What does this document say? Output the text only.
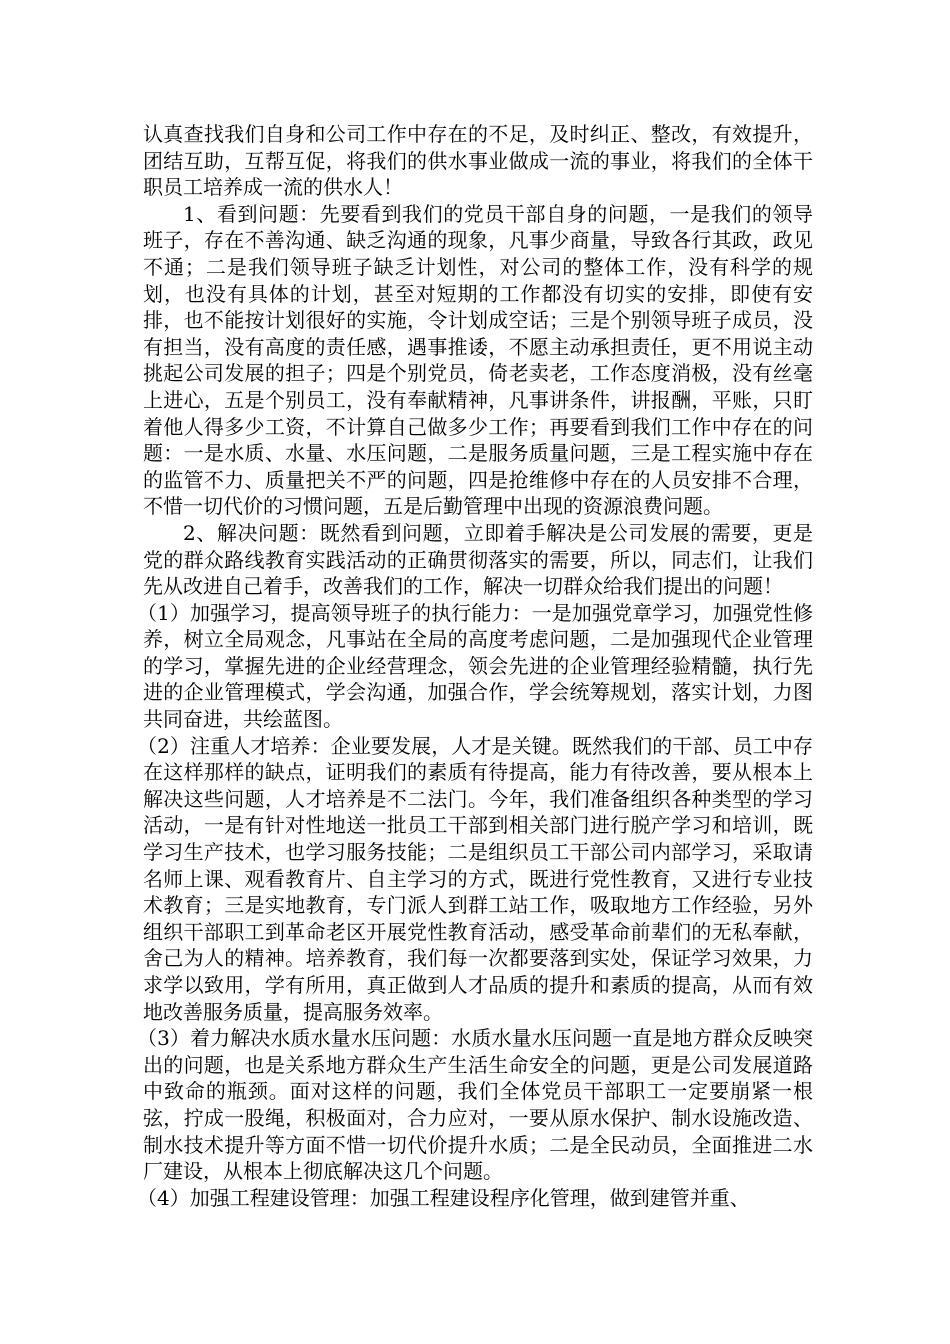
认真查找我们自身和公司工作中存在的不足，及时纠正、整改，有效提升，团结互助，互帮互促，将我们的供水事业做成一流的事业，将我们的全体干职员工培养成一流的供水人！

1、看到问题：先要看到我们的党员干部自身的问题，一是我们的领导班子，存在不善沟通、缺乏沟通的现象，凡事少商量，导致各行其政，政见不通；二是我们领导班子缺乏计划性，对公司的整体工作，没有科学的规划，也没有具体的计划，甚至对短期的工作都没有切实的安排，即使有安排，也不能按计划很好的实施，令计划成空话；三是个别领导班子成员，没有担当，没有高度的责任感，遇事推诿，不愿主动承担责任，更不用说主动挑起公司发展的担子；四是个别党员，倚老卖老，工作态度消极，没有丝毫上进心，五是个别员工，没有奉献精神，凡事讲条件，讲报酬，平账，只盯着他人得多少工资，不计算自己做多少工作；再要看到我们工作中存在的问题：一是水质、水量、水压问题，二是服务质量问题，三是工程实施中存在的监管不力、质量把关不严的问题，四是抢维修中存在的人员安排不合理，不惜一切代价的习惯问题，五是后勤管理中出现的资源浪费问题。

2、解决问题：既然看到问题，立即着手解决是公司发展的需要，更是党的群众路线教育实践活动的正确贯彻落实的需要，所以，同志们，让我们先从改进自己着手，改善我们的工作，解决一切群众给我们提出的问题！

（1）加强学习，提高领导班子的执行能力：一是加强党章学习，加强党性修养，树立全局观念，凡事站在全局的高度考虑问题，二是加强现代企业管理的学习，掌握先进的企业经营理念，领会先进的企业管理经验精髓，执行先进的企业管理模式，学会沟通，加强合作，学会统筹规划，落实计划，力图共同奋进，共绘蓝图。

（2）注重人才培养：企业要发展，人才是关键。既然我们的干部、员工中存在这样那样的缺点，证明我们的素质有待提高，能力有待改善，要从根本上解决这些问题，人才培养是不二法门。今年，我们准备组织各种类型的学习活动，一是有针对性地送一批员工干部到相关部门进行脱产学习和培训，既学习生产技术，也学习服务技能；二是组织员工干部公司内部学习，采取请名师上课、观看教育片、自主学习的方式，既进行党性教育，又进行专业技术教育；三是实地教育，专门派人到群工站工作，吸取地方工作经验，另外组织干部职工到革命老区开展党性教育活动，感受革命前辈们的无私奉献，舍己为人的精神。培养教育，我们每一次都要落到实处，保证学习效果，力求学以致用，学有所用，真正做到人才品质的提升和素质的提高，从而有效地改善服务质量，提高服务效率。

（3）着力解决水质水量水压问题：水质水量水压问题一直是地方群众反映突出的问题，也是关系地方群众生产生活生命安全的问题，更是公司发展道路中致命的瓶颈。面对这样的问题，我们全体党员干部职工一定要崩紧一根弦，拧成一股绳，积极面对，合力应对，一要从原水保护、制水设施改造、制水技术提升等方面不惜一切代价提升水质；二是全民动员，全面推进二水厂建设，从根本上彻底解决这几个问题。

（4）加强工程建设管理：加强工程建设程序化管理，做到建管并重、
